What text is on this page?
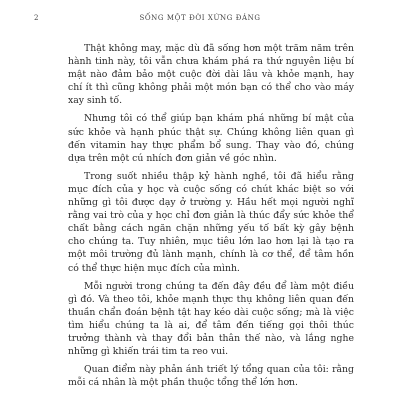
2	SỐNG MỘT ĐỜI XỨNG ĐÁNG

Thật không may, mặc dù đã sống hơn một trăm năm trên hành tinh này, tôi vẫn chưa khám phá ra thứ nguyên liệu bí mật nào đảm bảo một cuộc đời dài lâu và khỏe mạnh, hay chí ít thì cũng không phải một món bạn có thể cho vào máy xay sinh tố.

Nhưng tôi có thể giúp bạn khám phá những bí mật của sức khỏe và hạnh phúc thật sự. Chúng không liên quan gì đến vitamin hay thực phẩm bổ sung. Thay vào đó, chúng dựa trên một cú nhích đơn giản về góc nhìn.

Trong suốt nhiều thập kỷ hành nghề, tôi đã hiểu rằng mục đích của y học và cuộc sống có chút khác biệt so với những gì tôi được dạy ở trường y. Hầu hết mọi người nghĩ rằng vai trò của y học chỉ đơn giản là thúc đẩy sức khỏe thể chất bằng cách ngăn chặn những yếu tố bất kỳ gây bệnh cho chúng ta. Tuy nhiên, mục tiêu lớn lao hơn lại là tạo ra một môi trường đủ lành mạnh, chính là cơ thể, để tâm hồn có thể thực hiện mục đích của mình.

Mỗi người trong chúng ta đến đây đều để làm một điều gì đó. Và theo tôi, khỏe mạnh thực thụ không liên quan đến thuần chẩn đoán bệnh tật hay kéo dài cuộc sống; mà là việc tìm hiểu chúng ta là ai, để tâm đến tiếng gọi thôi thúc trưởng thành và thay đổi bản thân thế nào, và lắng nghe những gì khiến trái tim ta reo vui.

Quan điểm này phản ánh triết lý tổng quan của tôi: rằng mỗi cá nhân là một phần thuộc tổng thể lớn hơn.
